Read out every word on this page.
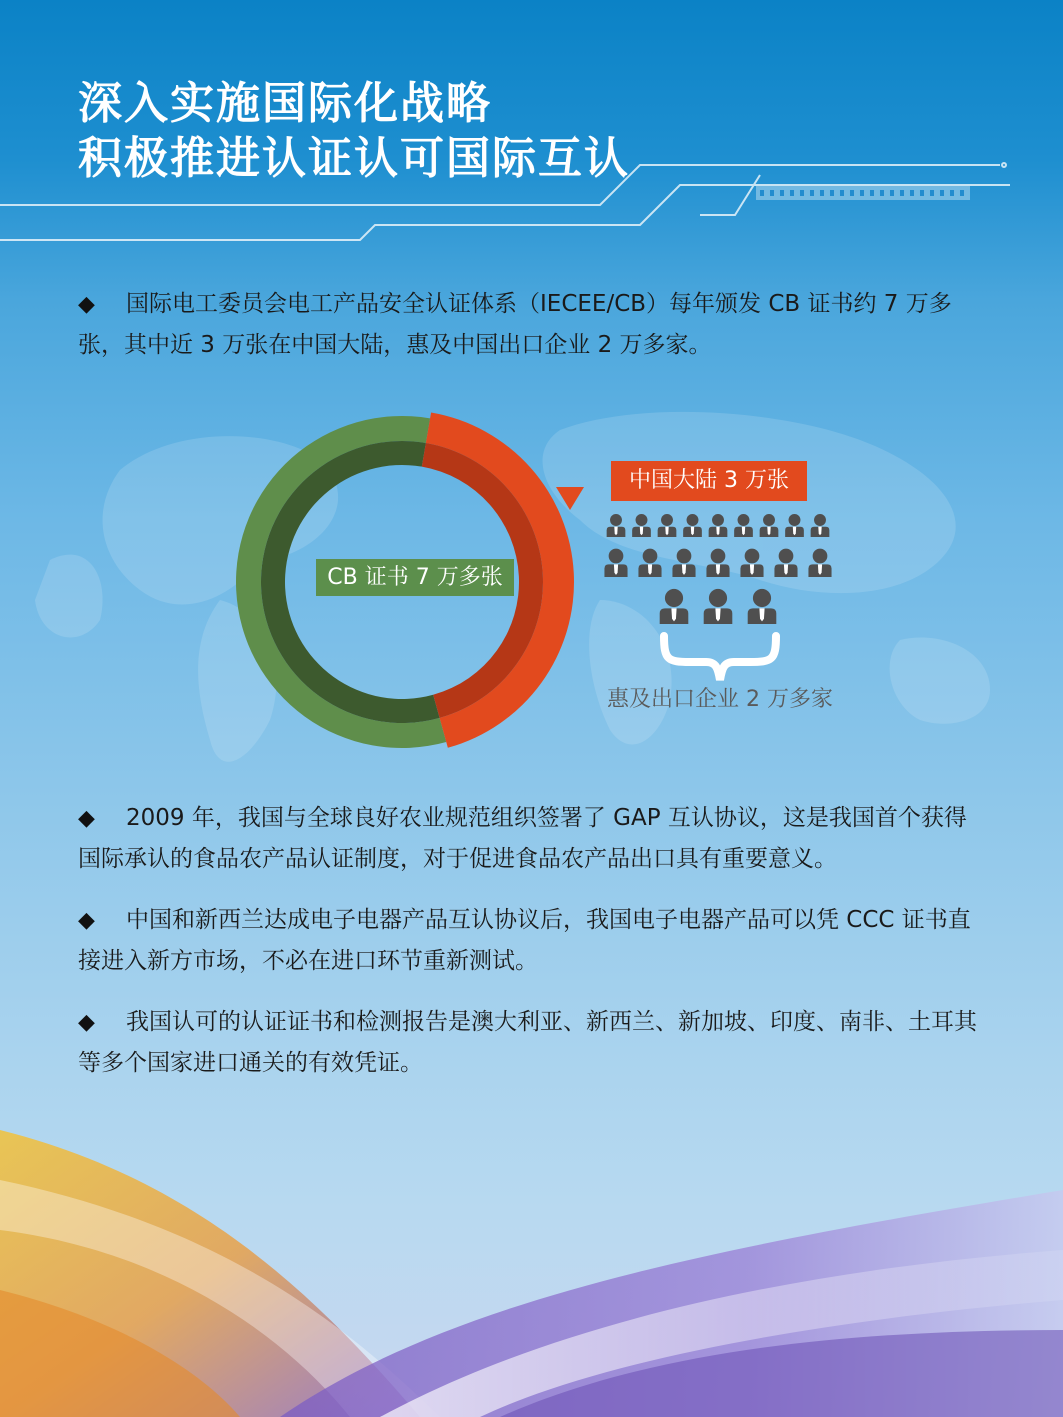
深入实施国际化战略
积极推进认证认可国际互认
◆ 国际电工委员会电工产品安全认证体系（IECEE/CB）每年颁发 CB 证书约 7 万多张，其中近 3 万张在中国大陆，惠及中国出口企业 2 万多家。
CB 证书 7 万多张
中国大陆 3 万张
惠及出口企业 2 万多家
◆ 2009 年，我国与全球良好农业规范组织签署了 GAP 互认协议，这是我国首个获得国际承认的食品农产品认证制度，对于促进食品农产品出口具有重要意义。
◆ 中国和新西兰达成电子电器产品互认协议后，我国电子电器产品可以凭 CCC 证书直接进入新方市场，不必在进口环节重新测试。
◆ 我国认可的认证证书和检测报告是澳大利亚、新西兰、新加坡、印度、南非、土耳其等多个国家进口通关的有效凭证。
